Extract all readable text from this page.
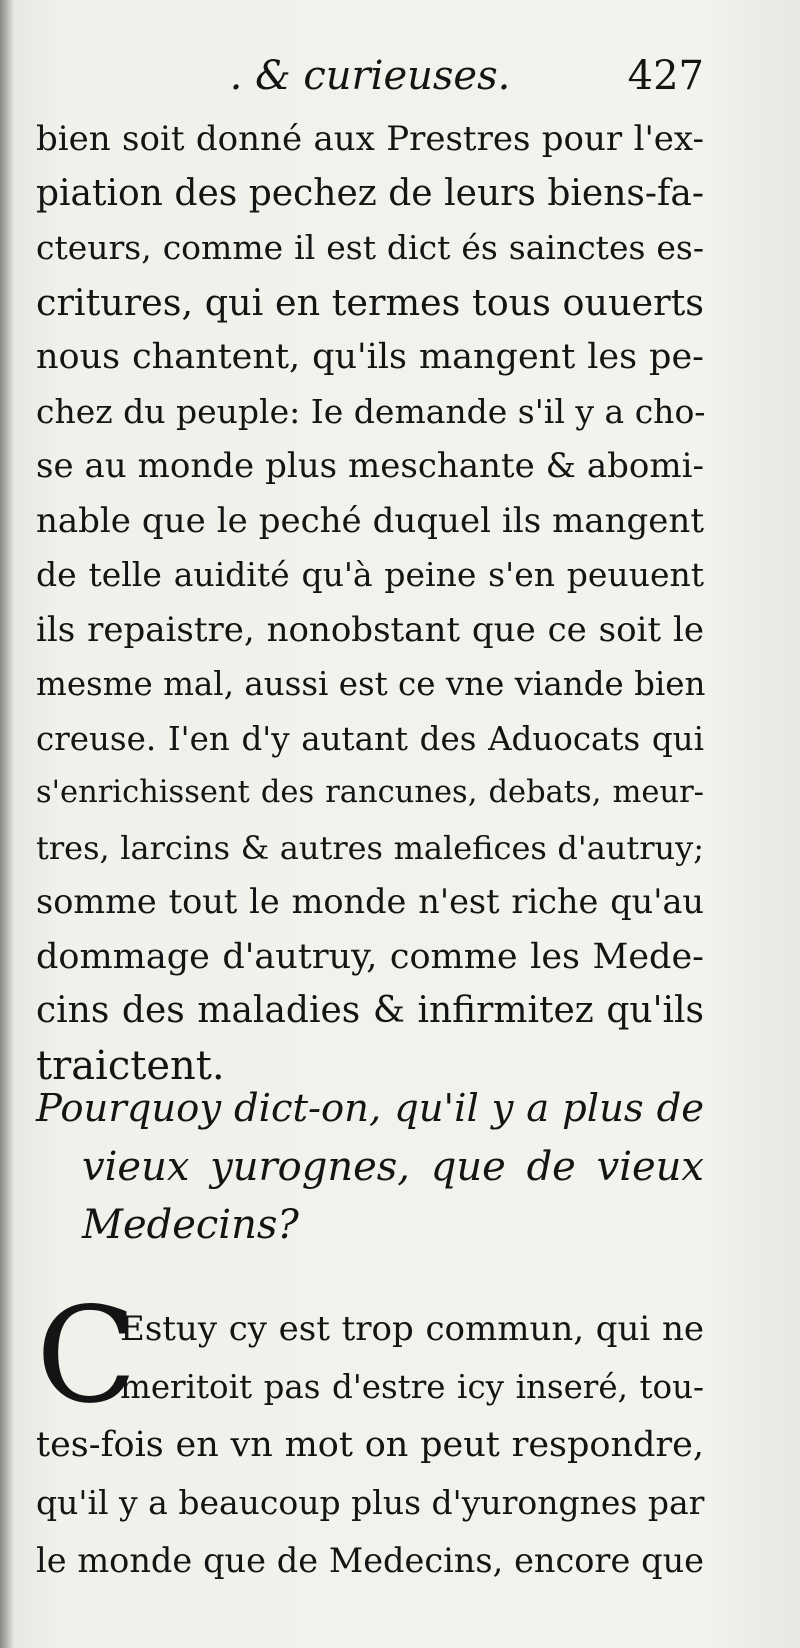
. & curieuses.	427
bien soit donné aux Prestres pour l'ex-
piation des pechez de leurs biens-fa-
cteurs, comme il est dict és sainctes es-
critures, qui en termes tous ouuerts
nous chantent, qu'ils mangent les pe-
chez du peuple: Ie demande s'il y a cho-
se au monde plus meschante & abomi-
nable que le peché duquel ils mangent
de telle auidité qu'à peine s'en peuuent
ils repaistre, nonobstant que ce soit le
mesme mal, aussi est ce vne viande bien
creuse. I'en d'y autant des Aduocats qui
s'enrichissent des rancunes, debats, meur-
tres, larcins & autres malefices d'autruy;
somme tout le monde n'est riche qu'au
dommage d'autruy, comme les Mede-
cins des maladies & infirmitez qu'ils
traictent.
Pourquoy dict-on, qu'il y a plus de
vieux yurognes, que de vieux
Medecins?
C
Estuy cy est trop commun, qui ne
meritoit pas d'estre icy inseré, tou-
tes-fois en vn mot on peut respondre,
qu'il y a beaucoup plus d'yurongnes par
le monde que de Medecins, encore que
